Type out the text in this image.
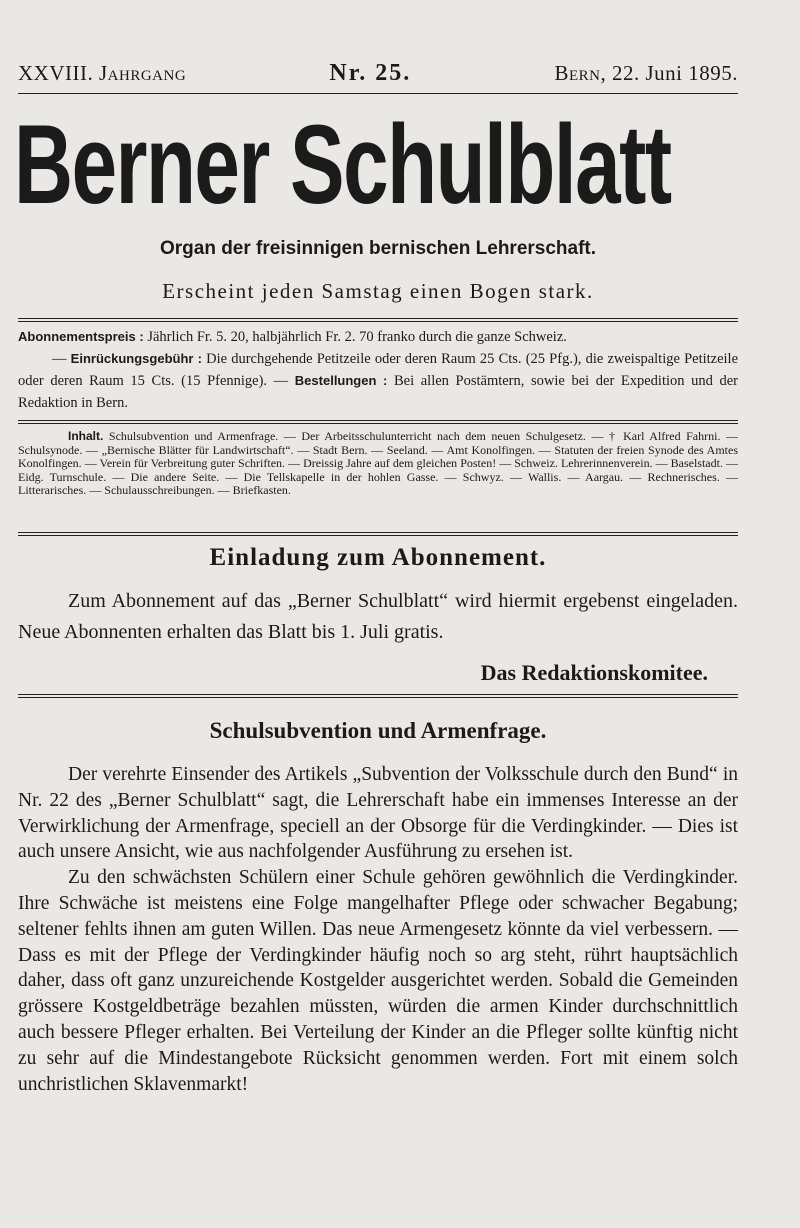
XXVIII. Jahrgang	Nr. 25.	Bern, 22. Juni 1895.
Berner Schulblatt
Organ der freisinnigen bernischen Lehrerschaft.
Erscheint jeden Samstag einen Bogen stark.

Abonnementspreis : Jährlich Fr. 5. 20, halbjährlich Fr. 2. 70 franko durch die ganze Schweiz.

— Einrückungsgebühr : Die durchgehende Petitzeile oder deren Raum 25 Cts. (25 Pfg.), die zweispaltige Petitzeile oder deren Raum 15 Cts. (15 Pfennige). — Bestellungen : Bei allen Postämtern, sowie bei der Expedition und der Redaktion in Bern.

Inhalt. Schulsubvention und Armenfrage. — Der Arbeitsschulunterricht nach dem neuen Schulgesetz. — † Karl Alfred Fahrni. — Schulsynode. — „Bernische Blätter für Landwirtschaft“. — Stadt Bern. — Seeland. — Amt Konolfingen. — Statuten der freien Synode des Amtes Konolfingen. — Verein für Verbreitung guter Schriften. — Dreissig Jahre auf dem gleichen Posten! — Schweiz. Lehrerinnenverein. — Baselstadt. — Eidg. Turnschule. — Die andere Seite. — Die Tellskapelle in der hohlen Gasse. — Schwyz. — Wallis. — Aargau. — Rechnerisches. — Litterarisches. — Schulausschreibungen. — Briefkasten.
Einladung zum Abonnement.

Zum Abonnement auf das „Berner Schulblatt“ wird hiermit ergebenst eingeladen. Neue Abonnenten erhalten das Blatt bis 1. Juli gratis.

Das Redaktionskomitee.
Schulsubvention und Armenfrage.

Der verehrte Einsender des Artikels „Subvention der Volksschule durch den Bund“ in Nr. 22 des „Berner Schulblatt“ sagt, die Lehrerschaft habe ein immenses Interesse an der Verwirklichung der Armenfrage, speciell an der Obsorge für die Verdingkinder. — Dies ist auch unsere Ansicht, wie aus nachfolgender Ausführung zu ersehen ist.

Zu den schwächsten Schülern einer Schule gehören gewöhnlich die Verdingkinder. Ihre Schwäche ist meistens eine Folge mangelhafter Pflege oder schwacher Begabung; seltener fehlts ihnen am guten Willen. Das neue Armengesetz könnte da viel verbessern. — Dass es mit der Pflege der Verdingkinder häufig noch so arg steht, rührt hauptsächlich daher, dass oft ganz unzureichende Kostgelder ausgerichtet werden. Sobald die Gemeinden grössere Kostgeldbeträge bezahlen müssten, würden die armen Kinder durchschnittlich auch bessere Pfleger erhalten. Bei Verteilung der Kinder an die Pfleger sollte künftig nicht zu sehr auf die Mindestangebote Rücksicht genommen werden. Fort mit einem solch unchristlichen Sklavenmarkt!
